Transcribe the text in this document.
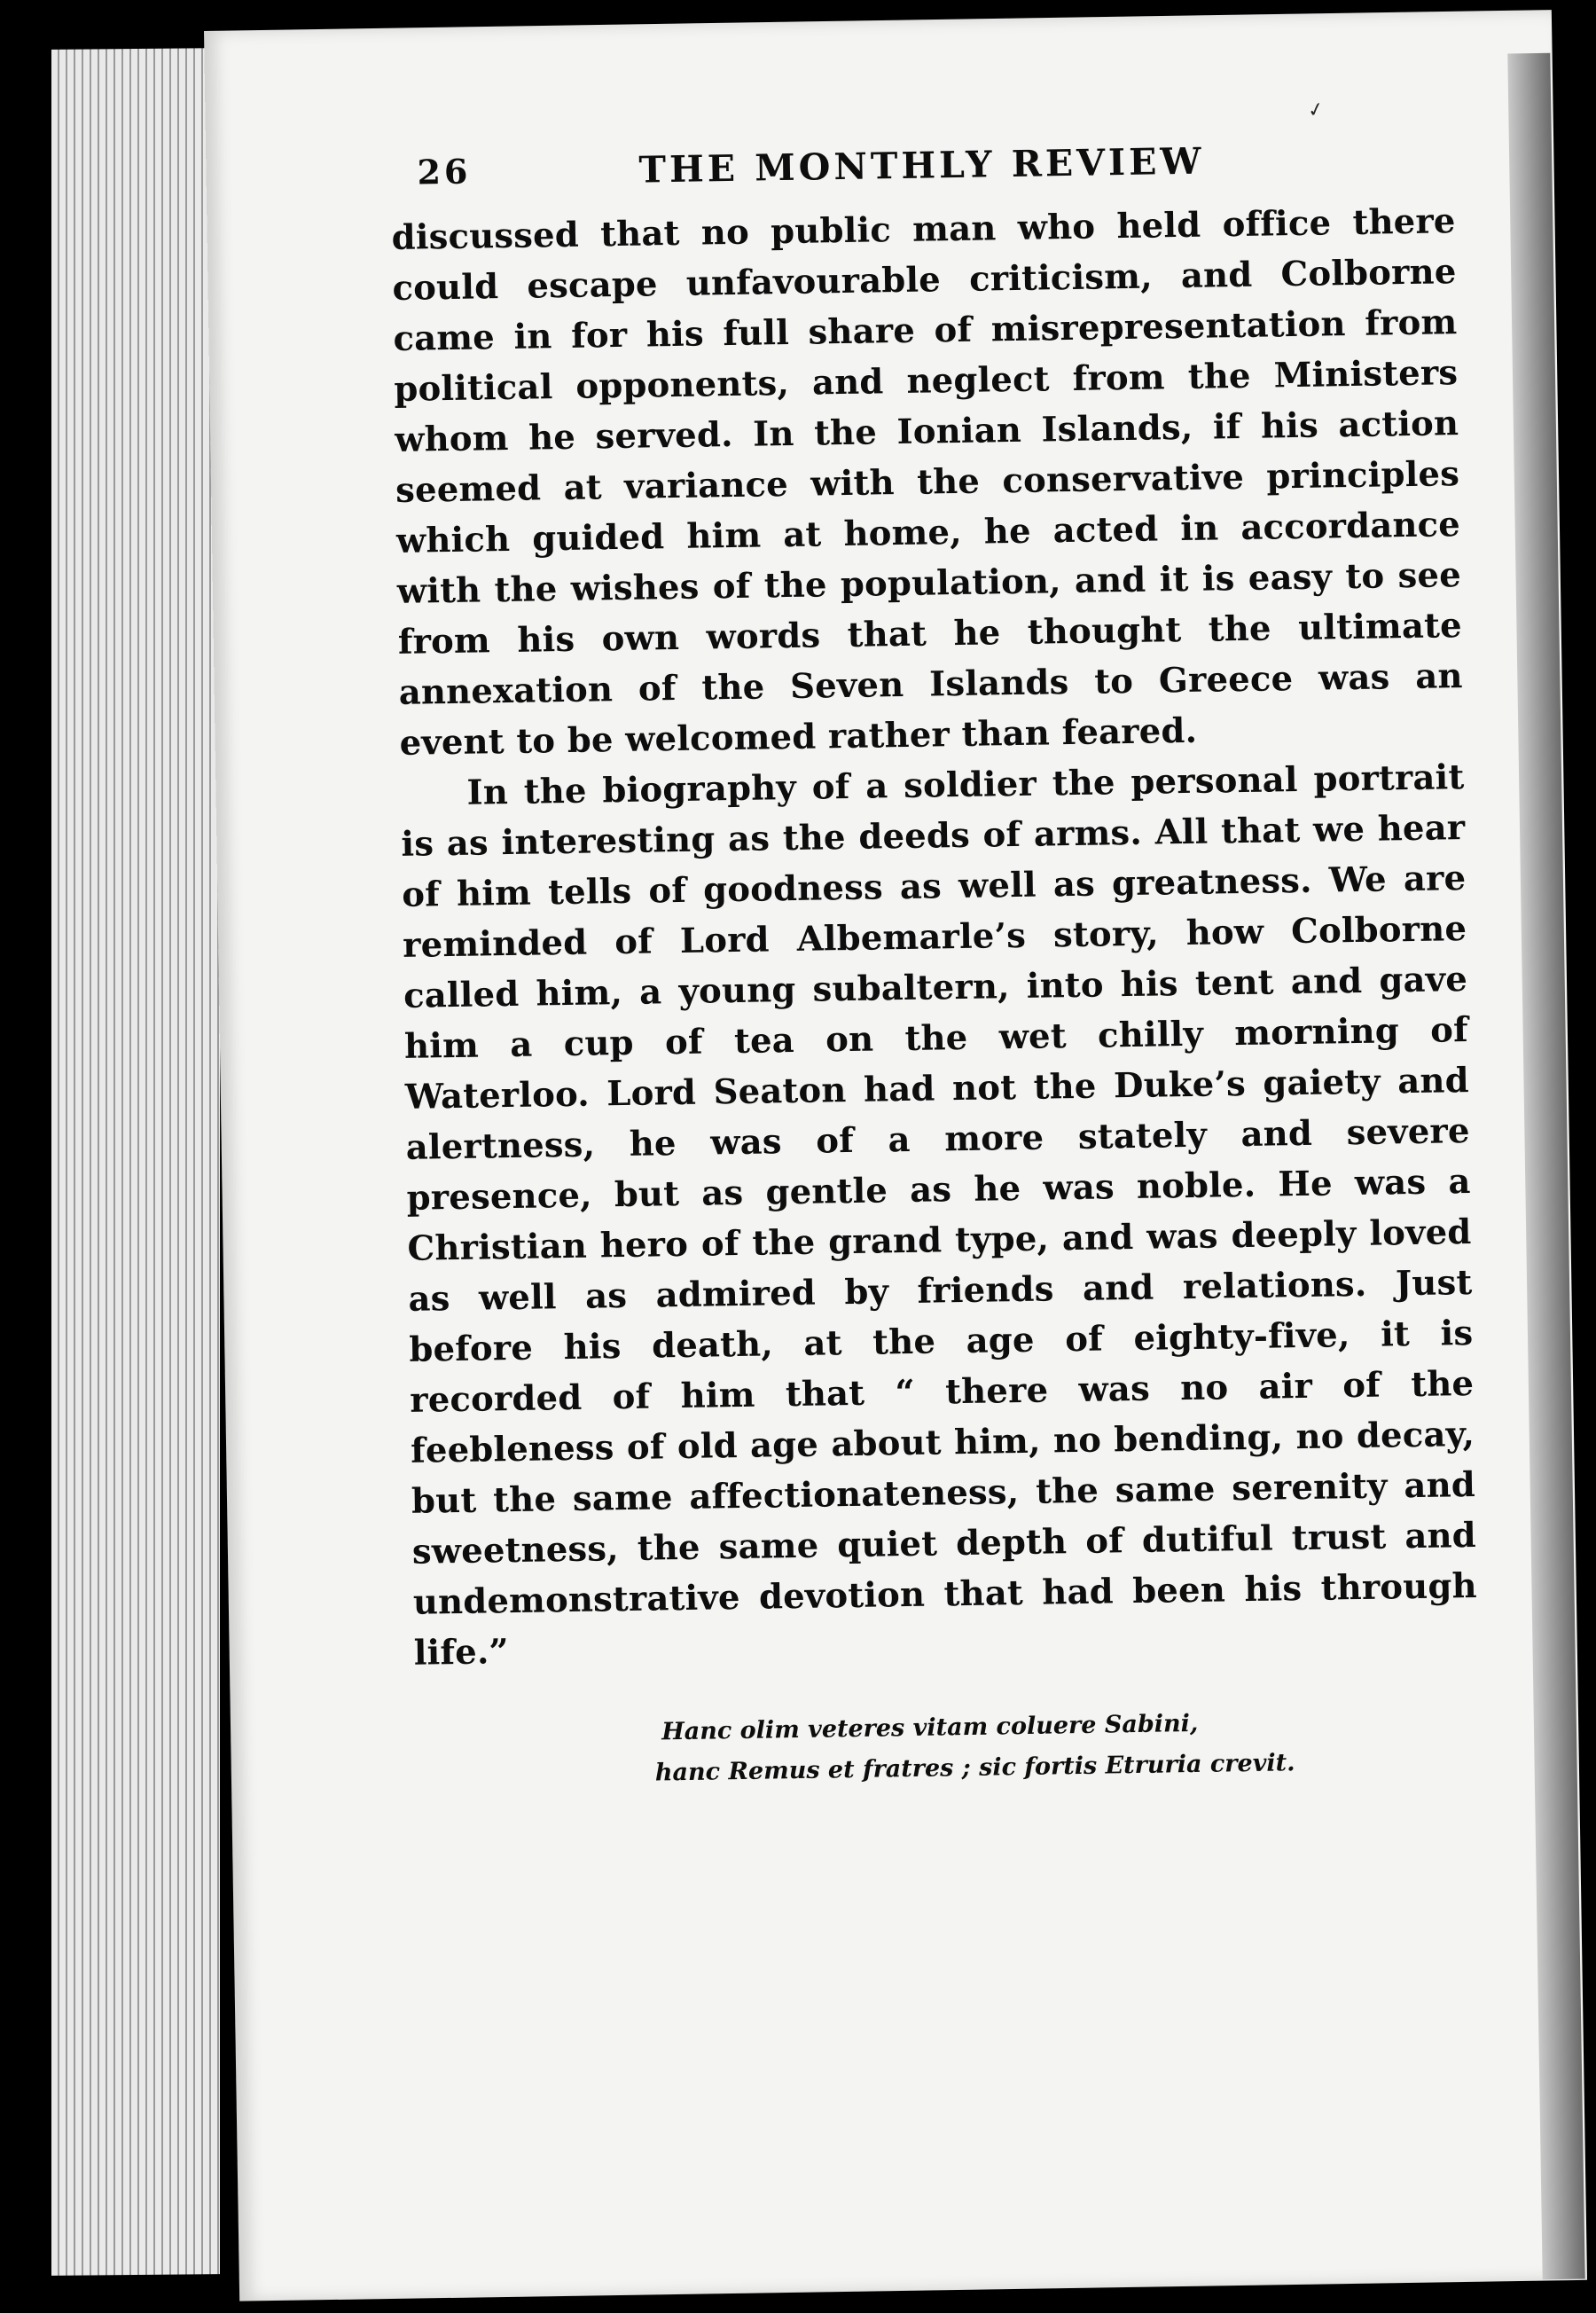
✓
26	THE MONTHLY REVIEW

discussed that no public man who held office there could escape unfavourable criticism, and Colborne came in for his full share of misrepresentation from political opponents, and neglect from the Ministers whom he served. In the Ionian Islands, if his action seemed at variance with the conservative principles which guided him at home, he acted in accordance with the wishes of the population, and it is easy to see from his own words that he thought the ultimate annexation of the Seven Islands to Greece was an event to be welcomed rather than feared.

In the biography of a soldier the personal portrait is as interesting as the deeds of arms. All that we hear of him tells of goodness as well as greatness. We are reminded of Lord Albemarle’s story, how Colborne called him, a young subaltern, into his tent and gave him a cup of tea on the wet chilly morning of Waterloo. Lord Seaton had not the Duke’s gaiety and alertness, he was of a more stately and severe presence, but as gentle as he was noble. He was a Christian hero of the grand type, and was deeply loved as well as admired by friends and relations. Just before his death, at the age of eighty-five, it is recorded of him that “ there was no air of the feebleness of old age about him, no bending, no decay, but the same affectionateness, the same serenity and sweetness, the same quiet depth of dutiful trust and undemonstrative devotion that had been his through life.”

Hanc olim veteres vitam coluere Sabini,
hanc Remus et fratres ; sic fortis Etruria crevit.
